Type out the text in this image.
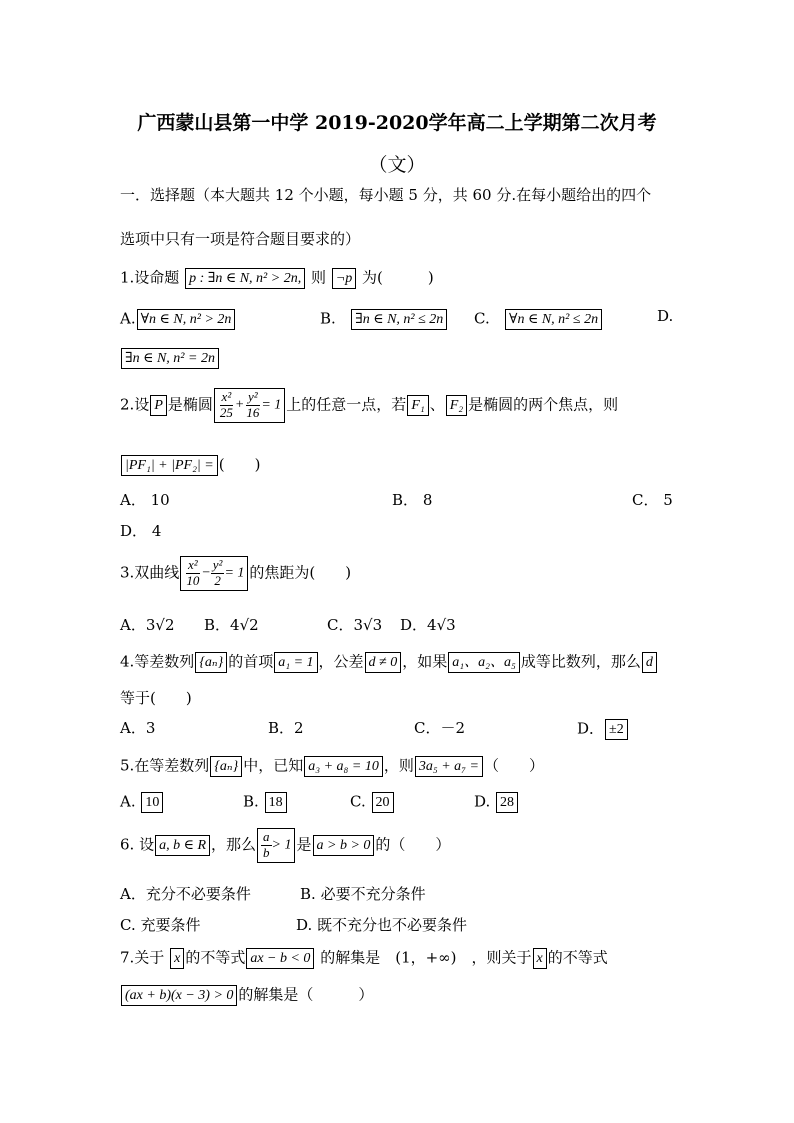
广西蒙山县第一中学 2019-2020学年高二上学期第二次月考
（文）
一．选择题（本大题共 12 个小题，每小题 5 分，共 60 分.在每小题给出的四个
选项中只有一项是符合题目要求的）
1.设命题 p : ∃n ∈ N, n² > 2n, 则 ¬p 为(　　　)
A. ∀n ∈ N, n² > 2n	B. ∃n ∈ N, n² ≤ 2n	C. ∀n ∈ N, n² ≤ 2n	D.
∃n ∈ N, n² = 2n
2.设 P 是椭圆 $\frac{\text{x²}}{25} + \frac{\text{y²}}{16} = 1$ 上的任意一点，若 F₁ 、 F₂ 是椭圆的两个焦点，则
|PF₁| + |PF₂| = (　　)
A． 10	B． 8	C． 5
D． 4
3.双曲线 $\frac{\text{x²}}{10} - \frac{\text{y²}}{2} = 1$ 的焦距为(　　)
A．3√2 B．4√2	C．3√3 D．4√3
4.等差数列 {aₙ} 的首项 a₁ = 1 ，公差 d ≠ 0 ，如果 a₁、a₂、a₅ 成等比数列，那么 d
等于(　　)
A．3	B．2	C．－2	D． ±2
5.在等差数列 {aₙ} 中，已知 a₃ + a₈ = 10 ，则 3a₅ + a₇ = （　　）
A. 10	B. 18	C. 20	D. 28
6. 设 a, b ∈ R ，那么 $\frac{a}{b} > 1$ 是 a > b > 0 的（　　）
A．充分不必要条件	B. 必要不充分条件
C. 充要条件	D. 既不充分也不必要条件
7.关于 x 的不等式 ax − b < 0 的解集是　(1，+∞)　，则关于 x 的不等式
(ax + b)(x − 3) > 0 的解集是（　　　）
